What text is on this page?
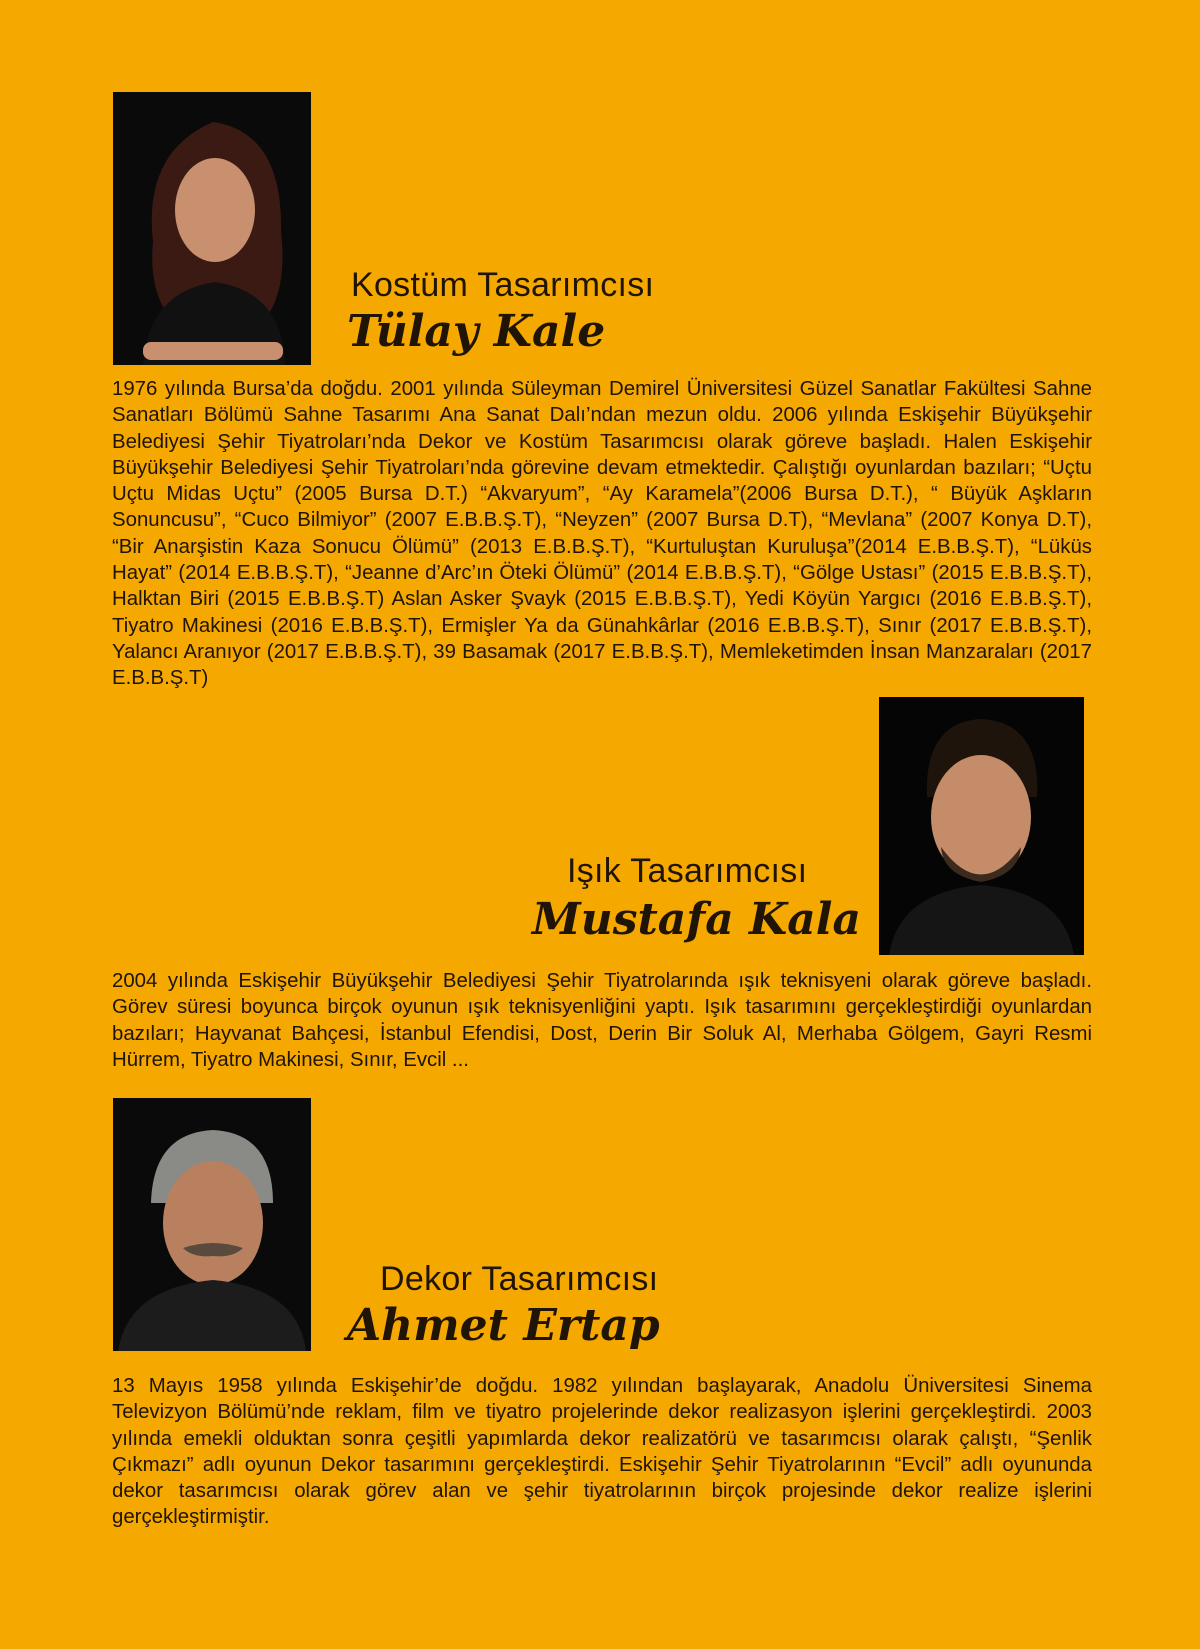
Kostüm Tasarımcısı
Tülay Kale
1976 yılında Bursa’da doğdu. 2001 yılında Süleyman Demirel Üniversitesi Güzel Sanatlar Fakültesi Sahne Sanatları Bölümü Sahne Tasarımı Ana Sanat Dalı’ndan mezun oldu. 2006 yılında Eskişehir Büyükşehir Belediyesi Şehir Tiyatroları’nda Dekor ve Kostüm Tasarımcısı olarak göreve başladı. Halen Eskişehir Büyükşehir Belediyesi Şehir Tiyatroları’nda görevine devam etmektedir. Çalıştığı oyunlardan bazıları; “Uçtu Uçtu Midas Uçtu” (2005 Bursa D.T.) “Akvaryum”, “Ay Karamela”(2006 Bursa D.T.), “ Büyük Aşkların Sonuncusu”, “Cuco Bilmiyor” (2007 E.B.B.Ş.T), “Neyzen” (2007 Bursa D.T), “Mevlana” (2007 Konya D.T), “Bir Anarşistin Kaza Sonucu Ölümü” (2013 E.B.B.Ş.T), “Kurtuluştan Kuruluşa”(2014 E.B.B.Ş.T), “Lüküs Hayat” (2014 E.B.B.Ş.T), “Jeanne d’Arc’ın Öteki Ölümü” (2014 E.B.B.Ş.T), “Gölge Ustası” (2015 E.B.B.Ş.T), Halktan Biri (2015 E.B.B.Ş.T) Aslan Asker Şvayk (2015 E.B.B.Ş.T), Yedi Köyün Yargıcı (2016 E.B.B.Ş.T), Tiyatro Makinesi (2016 E.B.B.Ş.T), Ermişler Ya da Günahkârlar (2016 E.B.B.Ş.T), Sınır (2017 E.B.B.Ş.T), Yalancı Aranıyor (2017 E.B.B.Ş.T), 39 Basamak (2017 E.B.B.Ş.T), Memleketimden İnsan Manzaraları (2017 E.B.B.Ş.T)
Işık Tasarımcısı
Mustafa Kala
2004 yılında Eskişehir Büyükşehir Belediyesi Şehir Tiyatrolarında ışık teknisyeni olarak göreve başladı. Görev süresi boyunca birçok oyunun ışık teknisyenliğini yaptı. Işık tasarımını gerçekleştirdiği oyunlardan bazıları; Hayvanat Bahçesi, İstanbul Efendisi, Dost, Derin Bir Soluk Al, Merhaba Gölgem, Gayri Resmi Hürrem, Tiyatro Makinesi, Sınır, Evcil ...
Dekor Tasarımcısı
Ahmet Ertap
13 Mayıs 1958 yılında Eskişehir’de doğdu. 1982 yılından başlayarak, Anadolu Üniversitesi Sinema Televizyon Bölümü’nde reklam, film ve tiyatro projelerinde dekor realizasyon işlerini gerçekleştirdi. 2003 yılında emekli olduktan sonra çeşitli yapımlarda dekor realizatörü ve tasarımcısı olarak çalıştı, “Şenlik Çıkmazı” adlı oyunun Dekor tasarımını gerçekleştirdi. Eskişehir Şehir Tiyatrolarının “Evcil” adlı oyununda dekor tasarımcısı olarak görev alan ve şehir tiyatrolarının birçok projesinde dekor realize işlerini gerçekleştirmiştir.
